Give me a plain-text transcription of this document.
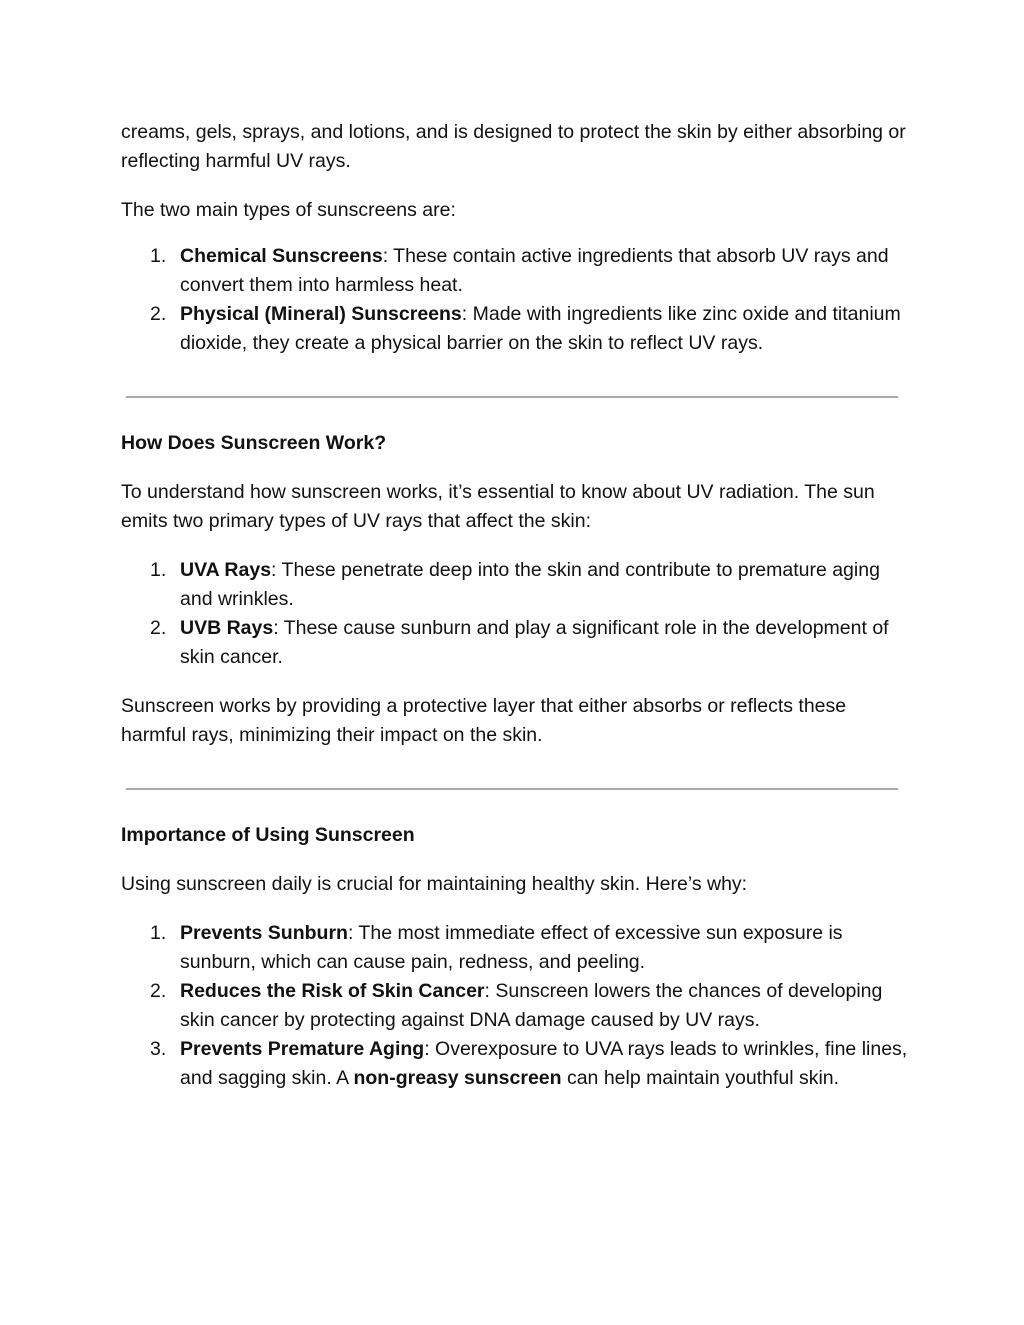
creams, gels, sprays, and lotions, and is designed to protect the skin by either absorbing or reflecting harmful UV rays.

The two main types of sunscreens are:

1. Chemical Sunscreens: These contain active ingredients that absorb UV rays and convert them into harmless heat.
2. Physical (Mineral) Sunscreens: Made with ingredients like zinc oxide and titanium dioxide, they create a physical barrier on the skin to reflect UV rays.
How Does Sunscreen Work?

To understand how sunscreen works, it’s essential to know about UV radiation. The sun emits two primary types of UV rays that affect the skin:

1. UVA Rays: These penetrate deep into the skin and contribute to premature aging and wrinkles.
2. UVB Rays: These cause sunburn and play a significant role in the development of skin cancer.

Sunscreen works by providing a protective layer that either absorbs or reflects these harmful rays, minimizing their impact on the skin.

Importance of Using Sunscreen

Using sunscreen daily is crucial for maintaining healthy skin. Here’s why:

1. Prevents Sunburn: The most immediate effect of excessive sun exposure is sunburn, which can cause pain, redness, and peeling.
2. Reduces the Risk of Skin Cancer: Sunscreen lowers the chances of developing skin cancer by protecting against DNA damage caused by UV rays.
3. Prevents Premature Aging: Overexposure to UVA rays leads to wrinkles, fine lines, and sagging skin. A non-greasy sunscreen can help maintain youthful skin.
